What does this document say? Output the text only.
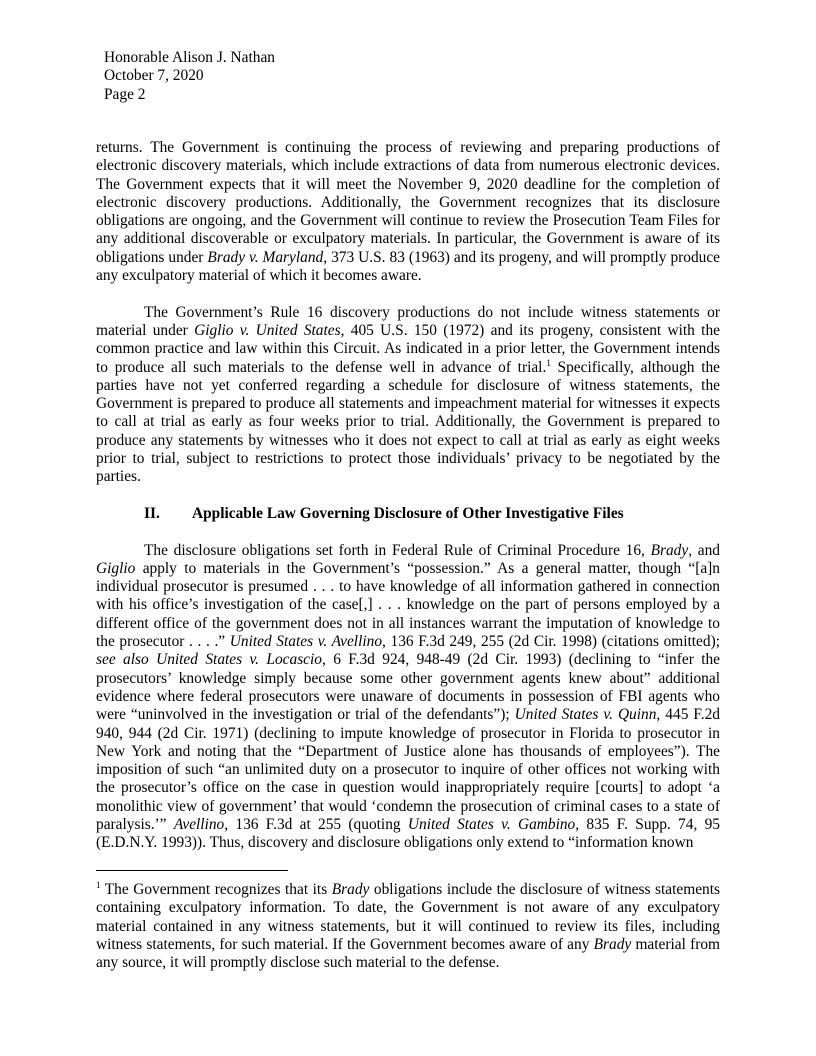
Honorable Alison J. Nathan
October 7, 2020
Page 2

returns. The Government is continuing the process of reviewing and preparing productions of electronic discovery materials, which include extractions of data from numerous electronic devices. The Government expects that it will meet the November 9, 2020 deadline for the completion of electronic discovery productions. Additionally, the Government recognizes that its disclosure obligations are ongoing, and the Government will continue to review the Prosecution Team Files for any additional discoverable or exculpatory materials. In particular, the Government is aware of its obligations under Brady v. Maryland, 373 U.S. 83 (1963) and its progeny, and will promptly produce any exculpatory material of which it becomes aware.

The Government’s Rule 16 discovery productions do not include witness statements or material under Giglio v. United States, 405 U.S. 150 (1972) and its progeny, consistent with the common practice and law within this Circuit. As indicated in a prior letter, the Government intends to produce all such materials to the defense well in advance of trial.$^1$ Specifically, although the parties have not yet conferred regarding a schedule for disclosure of witness statements, the Government is prepared to produce all statements and impeachment material for witnesses it expects to call at trial as early as four weeks prior to trial. Additionally, the Government is prepared to produce any statements by witnesses who it does not expect to call at trial as early as eight weeks prior to trial, subject to restrictions to protect those individuals’ privacy to be negotiated by the parties.

II.	Applicable Law Governing Disclosure of Other Investigative Files

The disclosure obligations set forth in Federal Rule of Criminal Procedure 16, Brady, and Giglio apply to materials in the Government’s “possession.” As a general matter, though “[a]n individual prosecutor is presumed . . . to have knowledge of all information gathered in connection with his office’s investigation of the case[,] . . . knowledge on the part of persons employed by a different office of the government does not in all instances warrant the imputation of knowledge to the prosecutor . . . .” United States v. Avellino, 136 F.3d 249, 255 (2d Cir. 1998) (citations omitted); see also United States v. Locascio, 6 F.3d 924, 948-49 (2d Cir. 1993) (declining to “infer the prosecutors’ knowledge simply because some other government agents knew about” additional evidence where federal prosecutors were unaware of documents in possession of FBI agents who were “uninvolved in the investigation or trial of the defendants”); United States v. Quinn, 445 F.2d 940, 944 (2d Cir. 1971) (declining to impute knowledge of prosecutor in Florida to prosecutor in New York and noting that the “Department of Justice alone has thousands of employees”). The imposition of such “an unlimited duty on a prosecutor to inquire of other offices not working with the prosecutor’s office on the case in question would inappropriately require [courts] to adopt ‘a monolithic view of government’ that would ‘condemn the prosecution of criminal cases to a state of paralysis.’” Avellino, 136 F.3d at 255 (quoting United States v. Gambino, 835 F. Supp. 74, 95 (E.D.N.Y. 1993)). Thus, discovery and disclosure obligations only extend to “information known

$^1$ The Government recognizes that its Brady obligations include the disclosure of witness statements containing exculpatory information. To date, the Government is not aware of any exculpatory material contained in any witness statements, but it will continued to review its files, including witness statements, for such material. If the Government becomes aware of any Brady material from any source, it will promptly disclose such material to the defense.
